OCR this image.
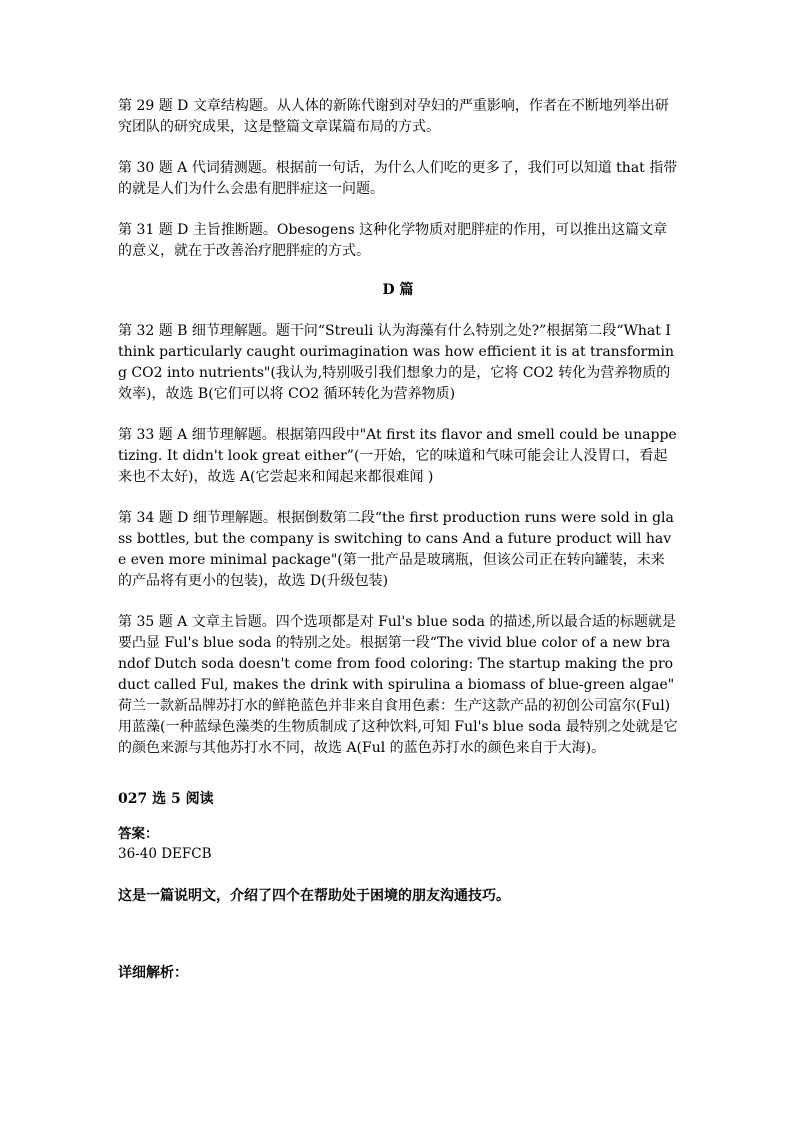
第 29 题 D 文章结构题。从人体的新陈代谢到对孕妇的严重影响，作者在不断地列举出研究团队的研究成果，这是整篇文章谋篇布局的方式。

第 30 题 A 代词猜测题。根据前一句话，为什么人们吃的更多了，我们可以知道 that 指带的就是人们为什么会患有肥胖症这一问题。

第 31 题 D 主旨推断题。Obesogens 这种化学物质对肥胖症的作用，可以推出这篇文章的意义，就在于改善治疗肥胖症的方式。

D 篇

第 32 题 B 细节理解题。题干问“Streuli 认为海藻有什么特别之处?”根据第二段“What I think particularly caught ourimagination was how efficient it is at transforming CO2 into nutrients"(我认为,特别吸引我们想象力的是，它将 CO2 转化为营养物质的效率)，故选 B(它们可以将 CO2 循环转化为营养物质)

第 33 题 A 细节理解题。根据第四段中"At first its flavor and smell could be unappetizing. It didn't look great either”(一开始，它的味道和气味可能会让人没胃口，看起来也不太好)，故选 A(它尝起来和闻起来都很难闻 )

第 34 题 D 细节理解题。根据倒数第二段“the first production runs were sold in glass bottles, but the company is switching to cans And a future product will have even more minimal package"(第一批产品是玻璃瓶，但该公司正在转向罐装，未来的产品将有更小的包装)，故选 D(升级包装)

第 35 题 A 文章主旨题。四个选项都是对 Ful's blue soda 的描述,所以最合适的标题就是要凸显 Ful's blue soda 的特别之处。根据第一段“The vivid blue color of a new brandof Dutch soda doesn't come from food coloring: The startup making the product called Ful, makes the drink with spirulina a biomass of blue-green algae" 荷兰一款新品牌苏打水的鲜艳蓝色并非来自食用色素：生产这款产品的初创公司富尔(Ful)用蓝藻(一种蓝绿色藻类的生物质制成了这种饮料,可知 Ful's blue soda 最特别之处就是它的颜色来源与其他苏打水不同，故选 A(Ful 的蓝色苏打水的颜色来自于大海)。

027 选 5 阅读

答案：

36-40 DEFCB

这是一篇说明文，介绍了四个在帮助处于困境的朋友沟通技巧。

详细解析：
